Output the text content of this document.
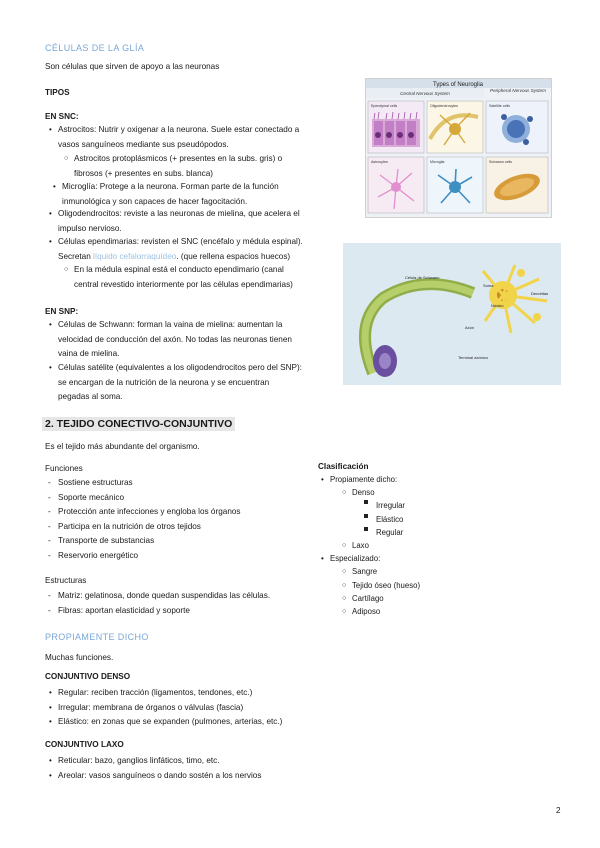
CÉLULAS DE LA GLÍA
Son células que sirven de apoyo a las neuronas
TIPOS
EN SNC:
• Astrocitos: Nutrir y oxigenar a la neurona. Suele estar conectado a
vasos sanguíneos mediante sus pseudópodos.
○ Astrocitos protoplásmicos (+ presentes en la subs. gris) o
fibrosos (+ presentes en subs. blanca)
• Microglía: Protege a la neurona. Forman parte de la función
inmunológica y son capaces de hacer fagocitación.
• Oligodendrocitos: reviste a las neuronas de mielina, que acelera el
impulso nervioso.
• Células ependimarias: revisten el SNC (encéfalo y médula espinal).
Secretan líquido cefalorraquídeo. (que rellena espacios huecos)
○ En la médula espinal está el conducto ependimario (canal
central revestido interiormente por las células ependimarias)
EN SNP:
• Células de Schwann: forman la vaina de mielina: aumentan la
velocidad de conducción del axón. No todas las neuronas tienen
vaina de mielina.
• Células satélite (equivalentes a los oligodendrocitos pero del SNP):
se encargan de la nutrición de la neurona y se encuentran
pegadas al soma.
Types of Neuroglia
Central Nervous System
Peripheral Nervous System
Ependymal cells	Oligodendrocytes	Satellite cells
Astrocytes	Microglia	Schwann cells
Célula de Schwann
Soma
Dendritas
Axón
Núcleo
Terminal axónico
2. TEJIDO CONECTIVO-CONJUNTIVO
Es el tejido más abundante del organismo.
Funciones
- Sostiene estructuras
- Soporte mecánico
- Protección ante infecciones y engloba los órganos
- Participa en la nutrición de otros tejidos
- Transporte de substancias
- Reservorio energético
Estructuras
- Matriz: gelatinosa, donde quedan suspendidas las células.
- Fibras: aportan elasticidad y soporte
Clasificación
• Propiamente dicho:
○ Denso
Irregular
Elástico
Regular
○ Laxo
• Especializado:
○ Sangre
○ Tejido óseo (hueso)
○ Cartílago
○ Adiposo
PROPIAMENTE DICHO
Muchas funciones.
CONJUNTIVO DENSO
• Regular: reciben tracción (ligamentos, tendones, etc.)
• Irregular: membrana de órganos o válvulas (fascia)
• Elástico: en zonas que se expanden (pulmones, arterias, etc.)
CONJUNTIVO LAXO
• Reticular: bazo, ganglios linfáticos, timo, etc.
• Areolar: vasos sanguíneos o dando sostén a los nervios
2
